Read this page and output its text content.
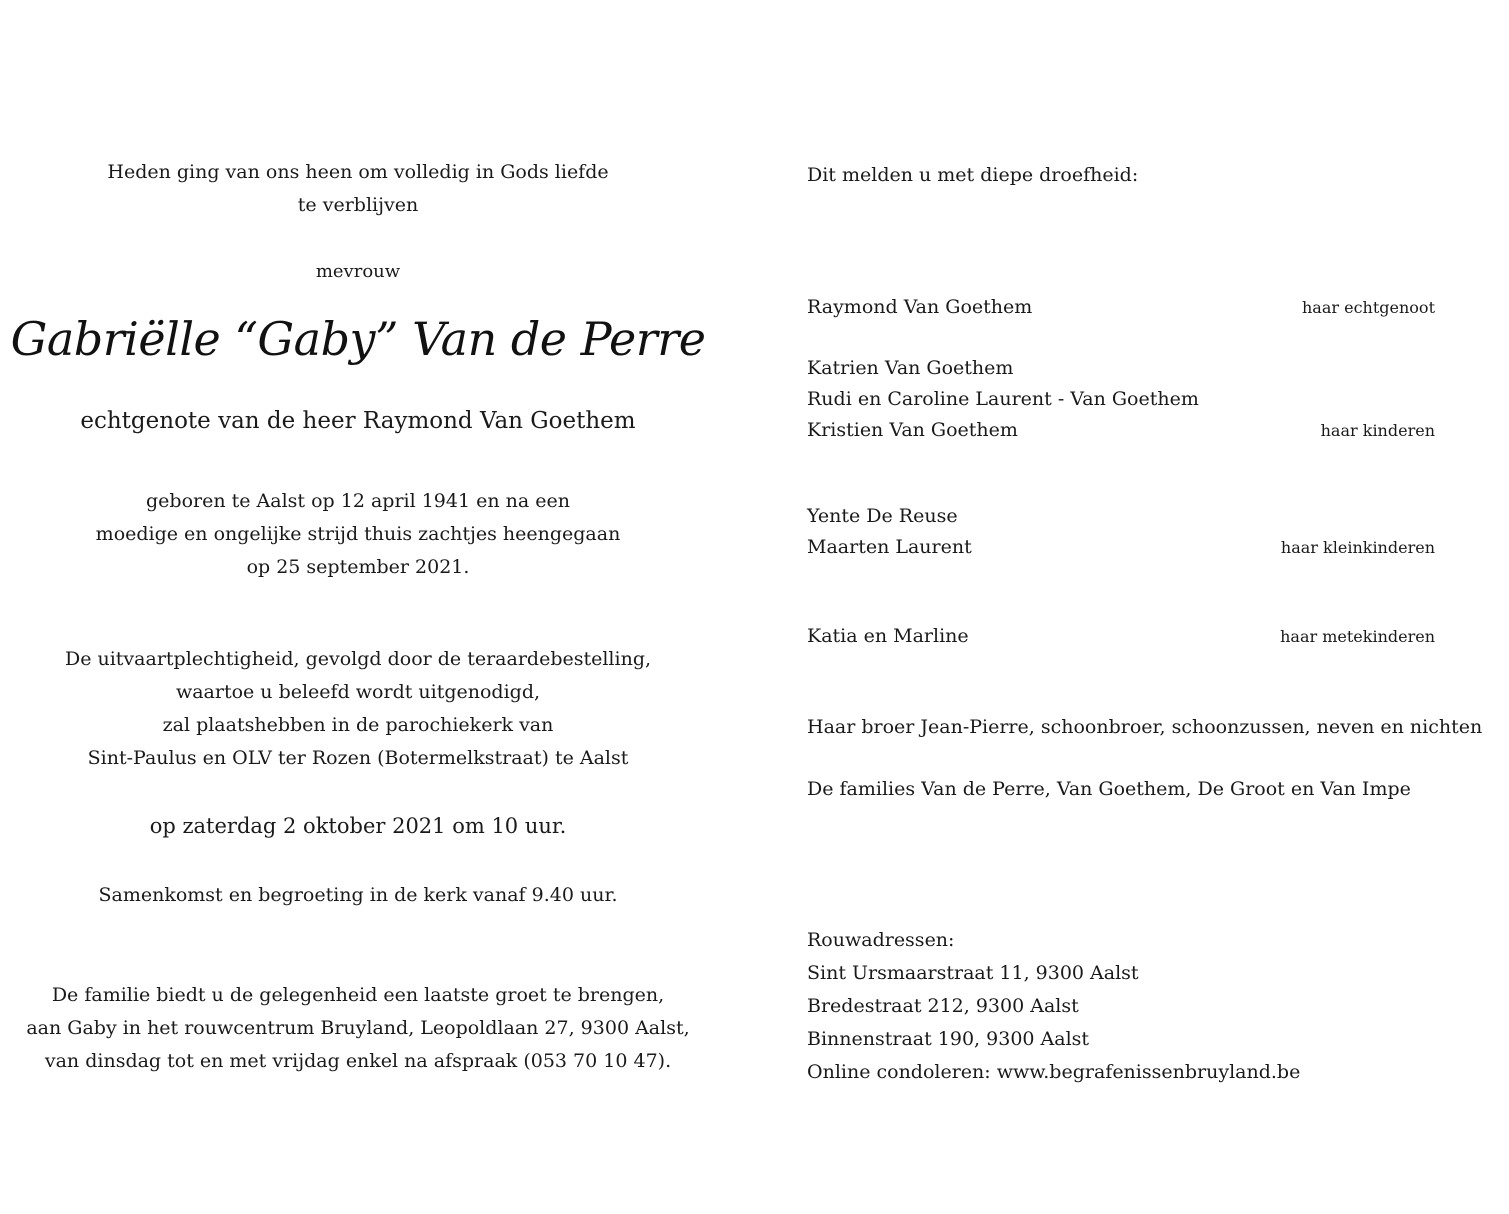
Heden ging van ons heen om volledig in Gods liefde
te verblijven
mevrouw
Gabriëlle “Gaby” Van de Perre
echtgenote van de heer Raymond Van Goethem
geboren te Aalst op 12 april 1941 en na een
moedige en ongelijke strijd thuis zachtjes heengegaan
op 25 september 2021.
De uitvaartplechtigheid, gevolgd door de teraardebestelling,
waartoe u beleefd wordt uitgenodigd,
zal plaatshebben in de parochiekerk van
Sint-Paulus en OLV ter Rozen (Botermelkstraat) te Aalst
op zaterdag 2 oktober 2021 om 10 uur.
Samenkomst en begroeting in de kerk vanaf 9.40 uur.
De familie biedt u de gelegenheid een laatste groet te brengen,
aan Gaby in het rouwcentrum Bruyland, Leopoldlaan 27, 9300 Aalst,
van dinsdag tot en met vrijdag enkel na afspraak (053 70 10 47).
Dit melden u met diepe droefheid:
Raymond Van Goethem	haar echtgenoot
Katrien Van Goethem
Rudi en Caroline Laurent - Van Goethem
Kristien Van Goethem	haar kinderen
Yente De Reuse
Maarten Laurent	haar kleinkinderen
Katia en Marline	haar metekinderen
Haar broer Jean-Pierre, schoonbroer, schoonzussen, neven en nichten
De families Van de Perre, Van Goethem, De Groot en Van Impe
Rouwadressen:
Sint Ursmaarstraat 11, 9300 Aalst
Bredestraat 212, 9300 Aalst
Binnenstraat 190, 9300 Aalst
Online condoleren: www.begrafenissenbruyland.be
